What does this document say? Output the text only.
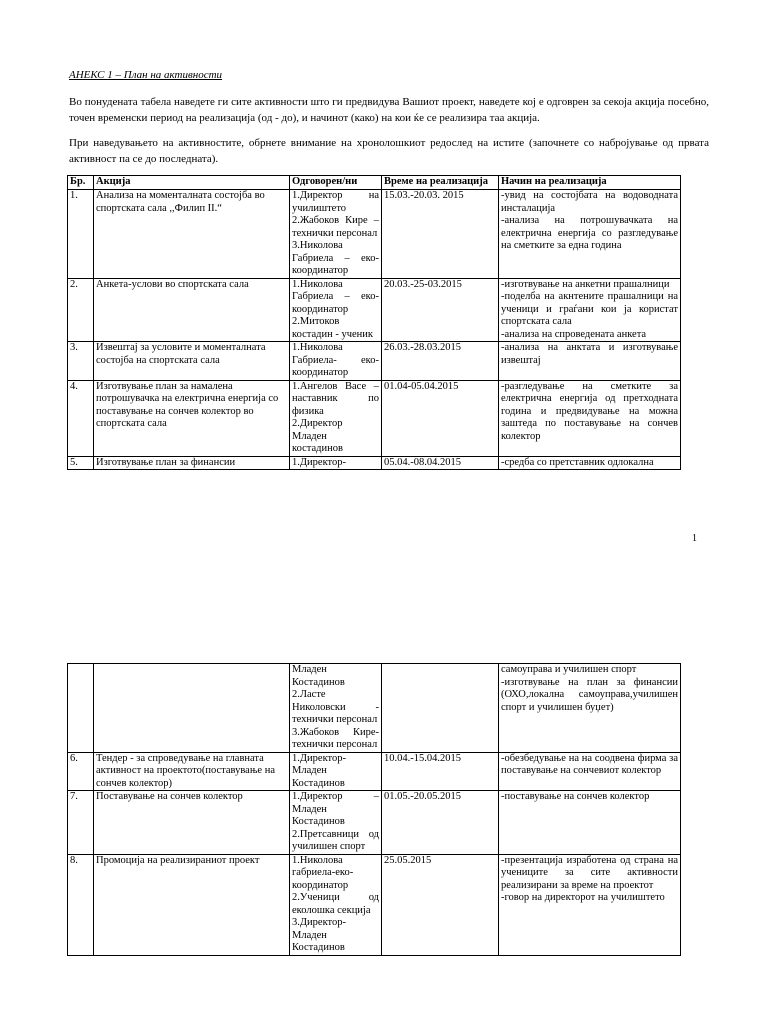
АНЕКС 1 – План на активности

Во понудената табела наведете ги сите активности што ги предвидува Вашиот проект, наведете кој е одговрен за секоја акција посебно, точен временски период на реализација (од - до), и начинот (како) на кои ќе се реализира таа акција.

При наведувањето на активностите, обрнете внимание на хронолошкиот редослед на истите (започнете со набројување од првата активност па се до последната).

Бр.	Акција	Одговорен/ни	Време на реализација	Начин на реализација
1.	Анализа на моменталната состојба во спортската сала ,,Филип II.“	1.Директор на училиштето
2.Жабоков Кире – технички персонал
3.Николова Габриела – еко-координатор	15.03.-20.03. 2015	-увид на состојбата на водоводната инсталација
-анализа на потрошувачката на електрична енергија со разгледување на сметките за една година

2.	Анкета-услови во спортската сала	1.Николова Габриела – еко-координатор
2.Митоков костадин - ученик	20.03.-25-03.2015	-изготвување на анкетни прашалници
-поделба на акнтените прашалници на ученици и граѓани кои ја користат спортската сала
-анализа на спроведената анкета

3.	Извештај за условите и моменталната состојба на спортската сала	1.Николова Габриела- еко-координатор	26.03.-28.03.2015	-анализа на анктата и изготвување извештај

4.	Изготвување план за намалена потрошувачка на електрична енергија со поставување на сончев колектор во спортската сала	1.Ангелов Васе – наставник по физика
2.Директор Младен костадинов	01.04-05.04.2015	-разгледување на сметките за електрична енергија од претходната година и предвидување на можна заштеда по поставување на сончев колектор

5.	Изготвување план за финансии	1.Директор-	05.04.-08.04.2015	-средба со претставник одлокална
1

		Младен Костадинов
2.Ласте Николовски - технички персонал
3.Жабоков Кире-технички персонал		самоуправа и училишен спорт
-изготвување на план за финансии (ОХО,локална самоуправа,училишен спорт и училишен буџет)

6.	Тендер - за спроведување на главната активност на проектото(поставување на сончев колектор)	1.Директор-Младен Костадинов	10.04.-15.04.2015	-обезбедување на на соодвена фирма за поставување на сончевиот колектор

7.	Поставување на сончев колектор	1.Директор – Младен Костадинов
2.Претсавници од училишен спорт	01.05.-20.05.2015	-поставување на сончев колектор

8.	Промоција на реализираниот проект	1.Николова габриела-еко-координатор
2.Ученици од еколошка секција
3.Директор-Младен Костадинов	25.05.2015	-презентација изработена од страна на учениците за сите активности реализирани за време на проектот
-говор на директорот на училиштето
